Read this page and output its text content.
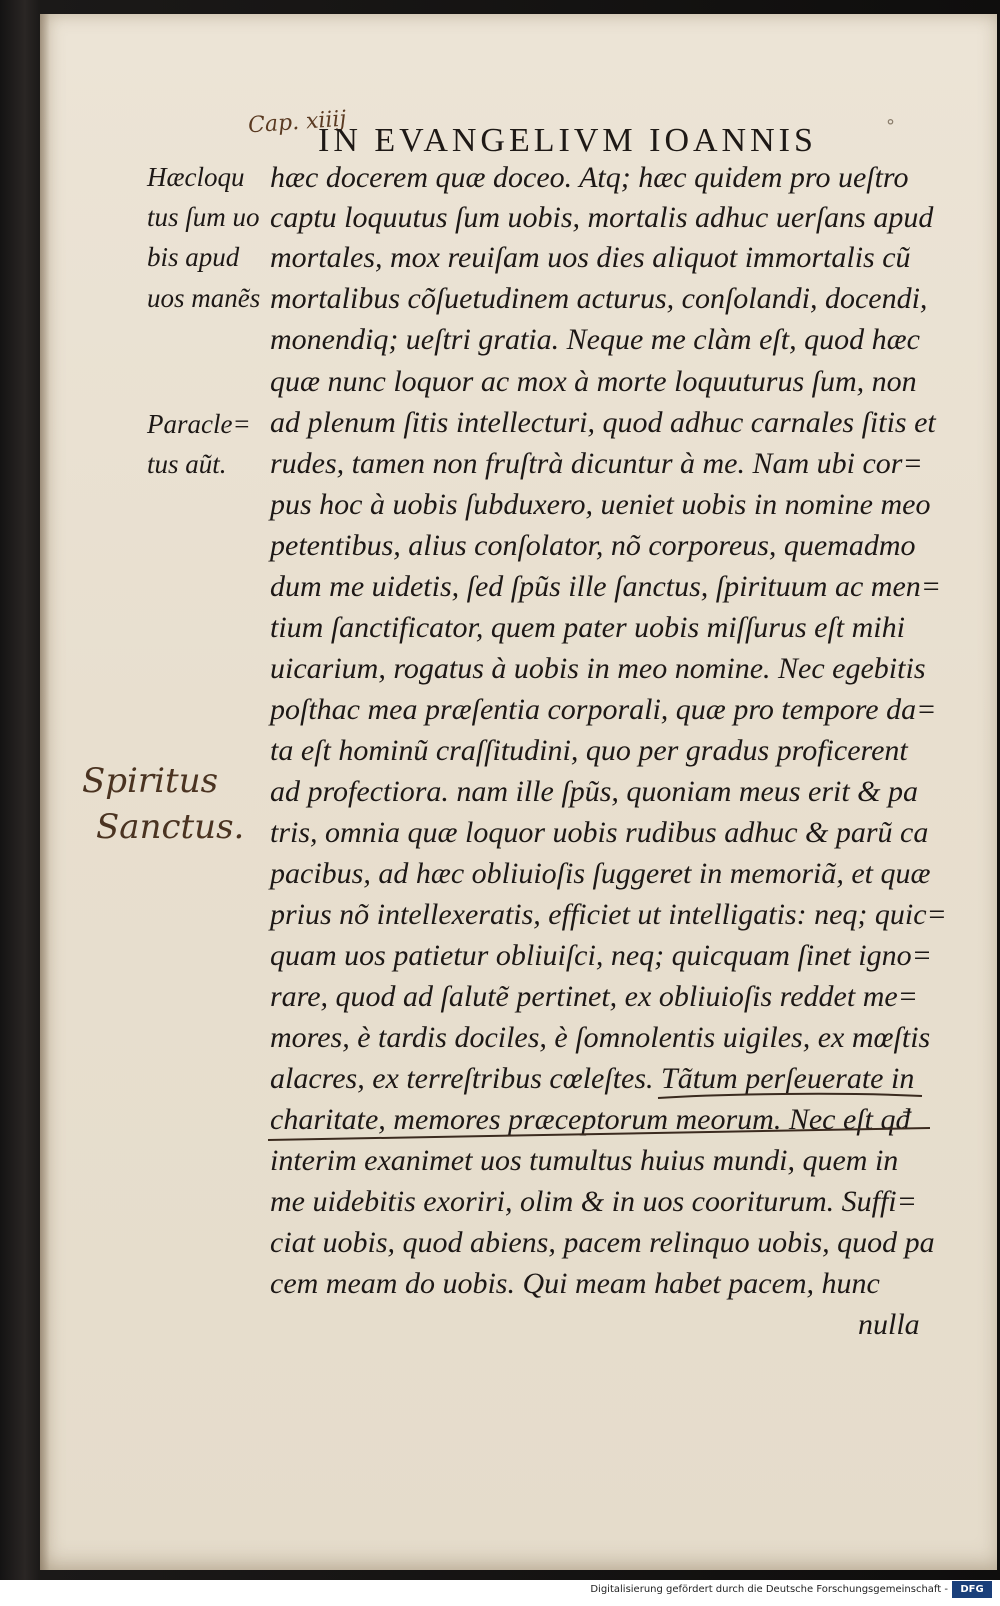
Cap. xiiij
IN EVANGELIVM IOANNIS	°

Hæcloqu

tus ſum uo

bis apud

uos manẽs

Paracle=

tus aũt.

Spiritus

Sanctus.

hæc docerem quæ doceo. Atq; hæc quidem pro ueſtro

captu loquutus ſum uobis, mortalis adhuc uerſans apud

mortales, mox reuiſam uos dies aliquot immortalis cũ

mortalibus cõſuetudinem acturus, conſolandi, docendi,

monendiq; ueſtri gratia. Neque me clàm eſt, quod hæc

quæ nunc loquor ac mox à morte loquuturus ſum, non

ad plenum ſitis intellecturi, quod adhuc carnales ſitis et

rudes, tamen non fruſtrà dicuntur à me. Nam ubi cor=

pus hoc à uobis ſubduxero, ueniet uobis in nomine meo

petentibus, alius conſolator, nõ corporeus, quemadmo

dum me uidetis, ſed ſpũs ille ſanctus, ſpirituum ac men=

tium ſanctificator, quem pater uobis miſſurus eſt mihi

uicarium, rogatus à uobis in meo nomine. Nec egebitis

poſthac mea præſentia corporali, quæ pro tempore da=

ta eſt hominũ craſſitudini, quo per gradus proficerent

ad profectiora. nam ille ſpũs, quoniam meus erit & pa

tris, omnia quæ loquor uobis rudibus adhuc & parũ ca

pacibus, ad hæc obliuioſis ſuggeret in memoriã, et quæ

prius nõ intellexeratis, efficiet ut intelligatis: neq; quic=

quam uos patietur obliuiſci, neq; quicquam ſinet igno=

rare, quod ad ſalutẽ pertinet, ex obliuioſis reddet me=

mores, è tardis dociles, è ſomnolentis uigiles, ex mœſtis

alacres, ex terreſtribus cœleſtes. Tãtum perſeuerate in

charitate, memores præceptorum meorum. Nec eſt qđ

interim exanimet uos tumultus huius mundi, quem in

me uidebitis exoriri, olim & in uos cooriturum. Suffi=

ciat uobis, quod abiens, pacem relinquo uobis, quod pa

cem meam do uobis. Qui meam habet pacem, hunc

nulla

Digitalisierung gefördert durch die Deutsche Forschungsgemeinschaft -	DFG
